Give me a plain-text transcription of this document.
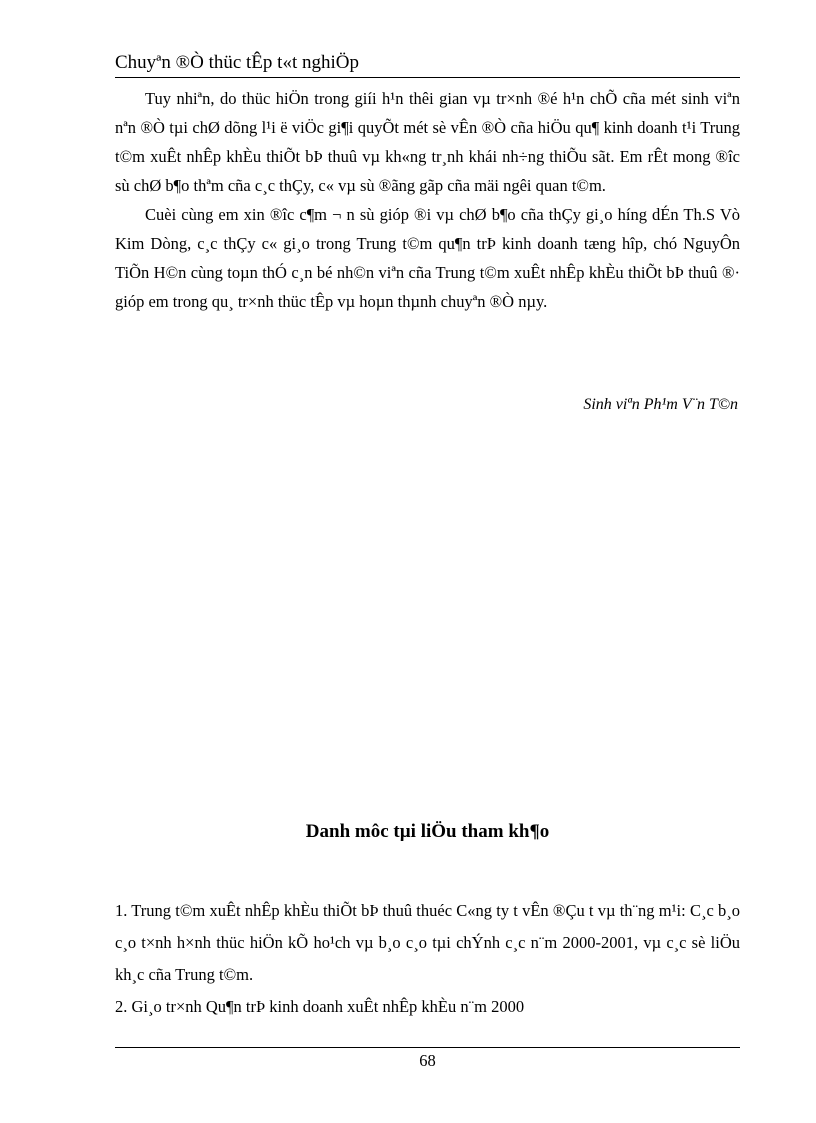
Chuyªn ®Ò thüc tÊp t«t nghiÖp

Tuy nhiªn, do thüc hiÖn trong giíi h¹n thêi gian vµ tr×nh ®é h¹n chÕ cña mét sinh viªn nªn ®Ò tµi chØ dõng l¹i ë viÖc gi¶i quyÕt mét sè vÊn ®Ò cña hiÖu qu¶ kinh doanh t¹i Trung t©m xuÊt nhÊp khÈu thiÕt bÞ thuû vµ kh«ng tr¸nh khái nh÷ng thiÕu sãt. Em rÊt mong ®îc sù chØ b¶o thªm cña c¸c thÇy, c« vµ sù ®ãng gãp cña mäi ngêi quan t©m.

Cuèi cùng em xin ®îc c¶m ¬ n sù gióp ®i vµ chØ b¶o cña thÇy gi¸o híng dÉn Th.S Vò Kim Dòng, c¸c thÇy c« gi¸o trong Trung t©m qu¶n trÞ kinh doanh tæng hîp, chó NguyÔn TiÕn H©n cùng toµn thÓ c¸n bé nh©n viªn cña Trung t©m xuÊt nhÊp khÈu thiÕt bÞ thuû ®· gióp em trong qu¸ tr×nh thüc tÊp vµ hoµn thµnh chuyªn ®Ò nµy.

Sinh viªn Ph¹m V¨n T©n
Danh môc tµi liÖu tham kh¶o

1. Trung t©m xuÊt nhÊp khÈu thiÕt bÞ thuû thuéc C«ng ty t vÊn ®Çu t vµ th¨ng m¹i: C¸c b¸o c¸o t×nh h×nh thüc hiÖn kÕ ho¹ch vµ b¸o c¸o tµi chÝnh c¸c n¨m 2000-2001, vµ c¸c sè liÖu kh¸c cña Trung t©m.

2. Gi¸o tr×nh Qu¶n trÞ kinh doanh xuÊt nhÊp khÈu n¨m 2000

68
